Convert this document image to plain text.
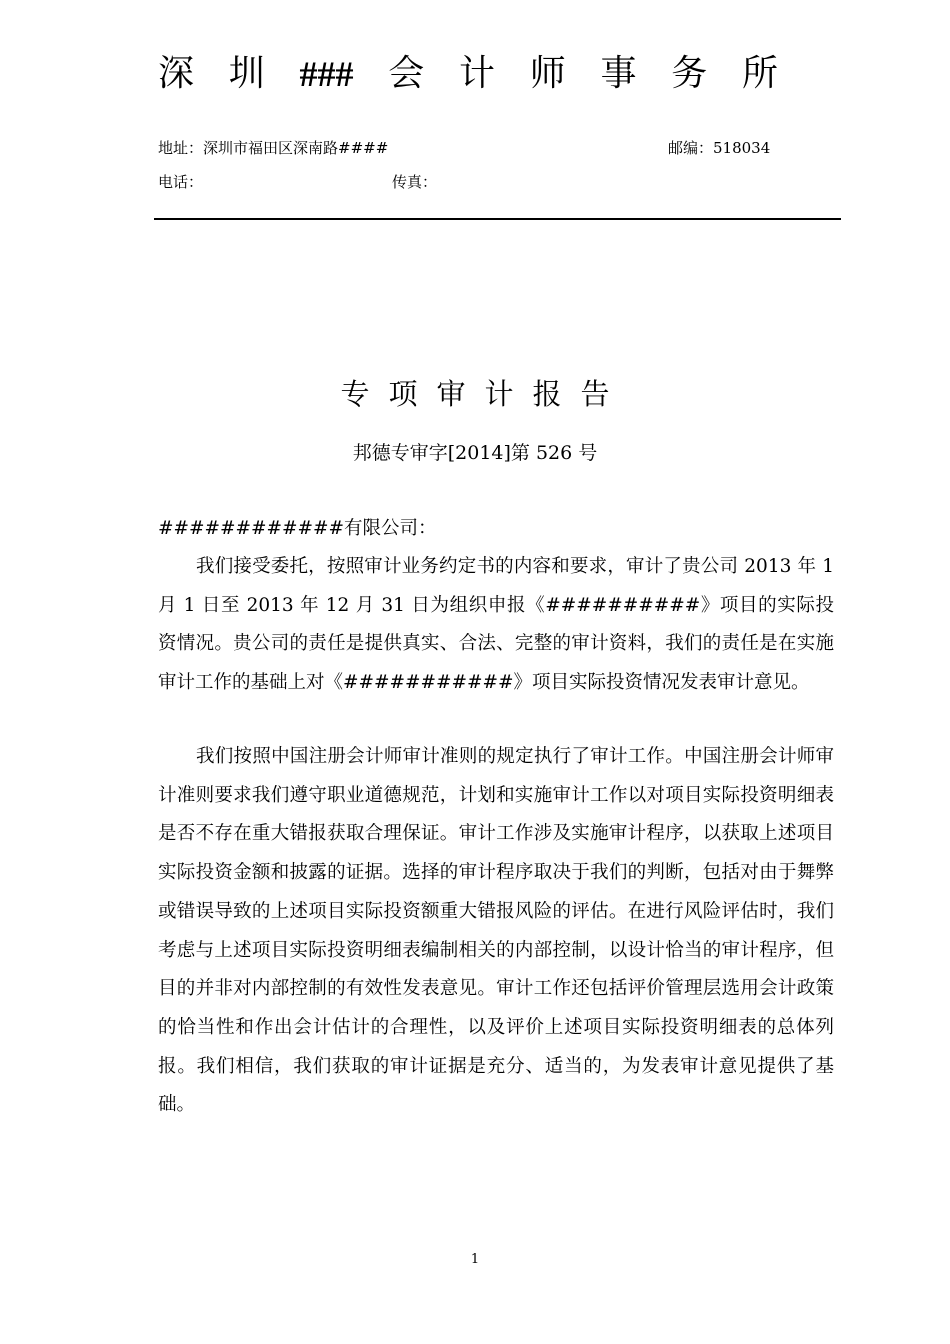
深 圳 ### 会 计 师 事 务 所
地址：深圳市福田区深南路####	邮编：518034
电话：	传真：
专项审计报告
邦德专审字[2014]第 526 号
############有限公司：
我们接受委托，按照审计业务约定书的内容和要求，审计了贵公司 2013 年 1 月 1 日至 2013 年 12 月 31 日为组织申报《##########》项目的实际投资情况。贵公司的责任是提供真实、合法、完整的审计资料，我们的责任是在实施审计工作的基础上对《###########》项目实际投资情况发表审计意见。
我们按照中国注册会计师审计准则的规定执行了审计工作。中国注册会计师审计准则要求我们遵守职业道德规范，计划和实施审计工作以对项目实际投资明细表是否不存在重大错报获取合理保证。审计工作涉及实施审计程序，以获取上述项目实际投资金额和披露的证据。选择的审计程序取决于我们的判断，包括对由于舞弊或错误导致的上述项目实际投资额重大错报风险的评估。在进行风险评估时，我们考虑与上述项目实际投资明细表编制相关的内部控制，以设计恰当的审计程序，但目的并非对内部控制的有效性发表意见。审计工作还包括评价管理层选用会计政策的恰当性和作出会计估计的合理性，以及评价上述项目实际投资明细表的总体列报。我们相信，我们获取的审计证据是充分、适当的，为发表审计意见提供了基础。
1
